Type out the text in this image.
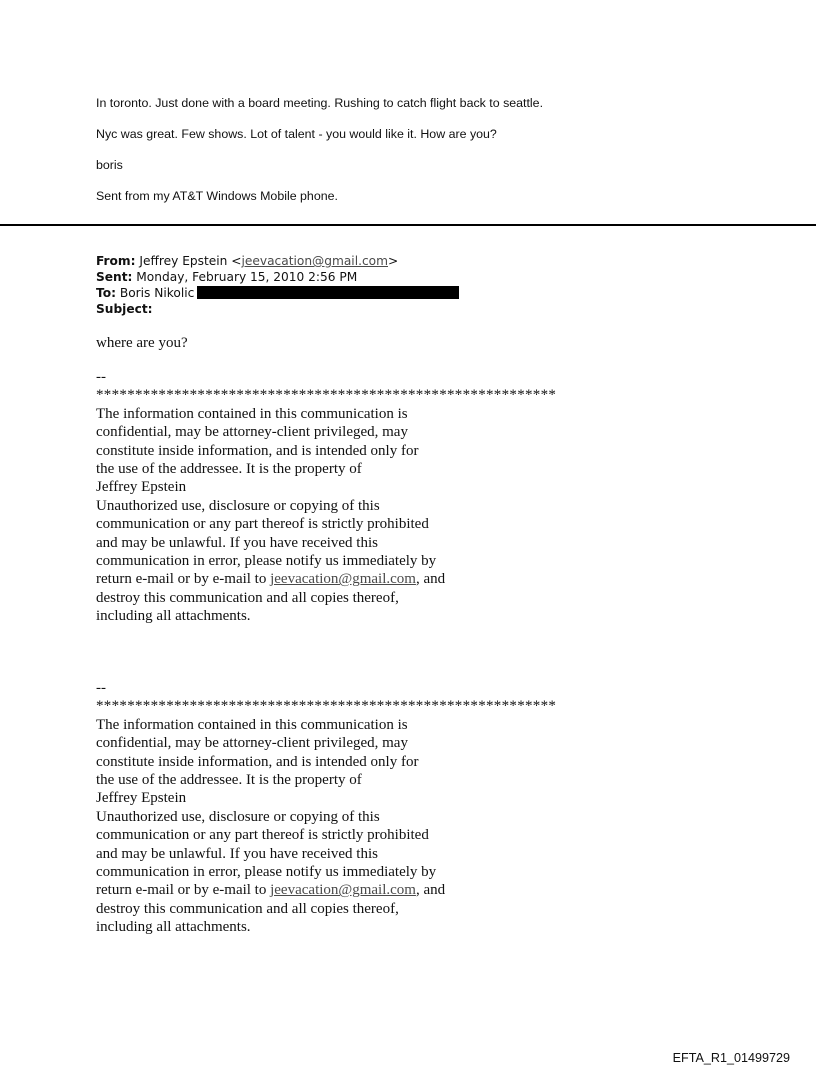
In toronto. Just done with a board meeting. Rushing to catch flight back to seattle.

Nyc was great. Few shows. Lot of talent - you would like it. How are you?

boris

Sent from my AT&T Windows Mobile phone.

From: Jeffrey Epstein <jeevacation@gmail.com>
Sent: Monday, February 15, 2010 2:56 PM
To: Boris Nikolic
Subject:
where are you?
--
***********************************************************
The information contained in this communication is
confidential, may be attorney-client privileged, may
constitute inside information, and is intended only for
the use of the addressee. It is the property of
Jeffrey Epstein
Unauthorized use, disclosure or copying of this
communication or any part thereof is strictly prohibited
and may be unlawful. If you have received this
communication in error, please notify us immediately by
return e-mail or by e-mail to jeevacation@gmail.com, and
destroy this communication and all copies thereof,
including all attachments.
--
***********************************************************
The information contained in this communication is
confidential, may be attorney-client privileged, may
constitute inside information, and is intended only for
the use of the addressee. It is the property of
Jeffrey Epstein
Unauthorized use, disclosure or copying of this
communication or any part thereof is strictly prohibited
and may be unlawful. If you have received this
communication in error, please notify us immediately by
return e-mail or by e-mail to jeevacation@gmail.com, and
destroy this communication and all copies thereof,
including all attachments.
EFTA_R1_01499729
